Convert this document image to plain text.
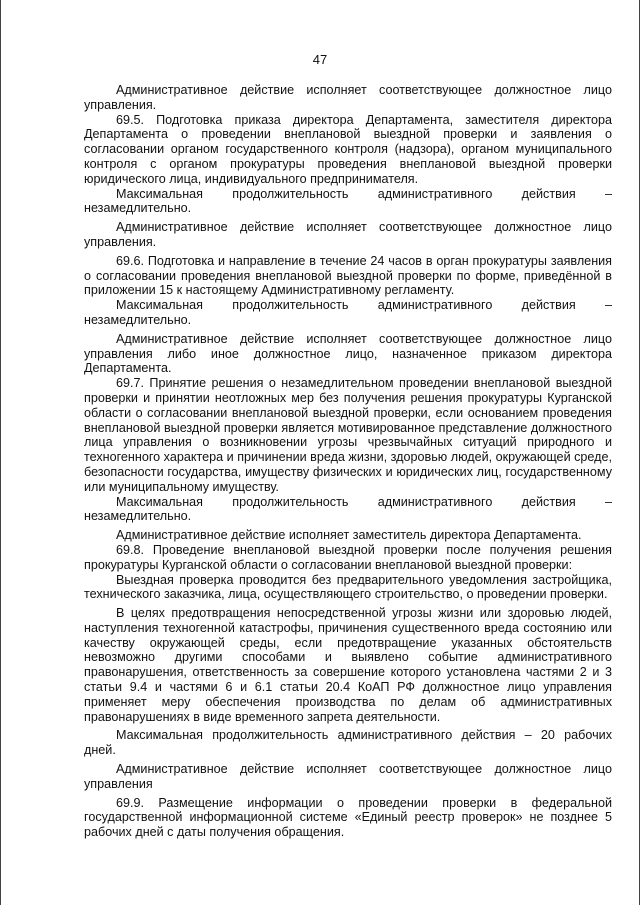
47

Административное действие исполняет соответствующее должностное лицо управления.

69.5. Подготовка приказа директора Департамента, заместителя директора Департамента о проведении внеплановой выездной проверки и заявления о согласовании органом государственного контроля (надзора), органом муниципального контроля с органом прокуратуры проведения внеплановой выездной проверки юридического лица, индивидуального предпринимателя.

Максимальная продолжительность административного действия –

незамедлительно.

Административное действие исполняет соответствующее должностное лицо управления.

69.6. Подготовка и направление в течение 24 часов в орган прокуратуры заявления о согласовании проведения внеплановой выездной проверки по форме, приведённой в приложении 15 к настоящему Административному регламенту.

Максимальная продолжительность административного действия –

незамедлительно.

Административное действие исполняет соответствующее должностное лицо управления либо иное должностное лицо, назначенное приказом директора Департамента.

69.7. Принятие решения о незамедлительном проведении внеплановой выездной проверки и принятии неотложных мер без получения решения прокуратуры Курганской области о согласовании внеплановой выездной проверки, если основанием проведения внеплановой выездной проверки является мотивированное представление должностного лица управления о возникновении угрозы чрезвычайных ситуаций природного и техногенного характера и причинении вреда жизни, здоровью людей, окружающей среде, безопасности государства, имуществу физических и юридических лиц, государственному или муниципальному имуществу.

Максимальная продолжительность административного действия –

незамедлительно.

Административное действие исполняет заместитель директора Департамента.

69.8. Проведение внеплановой выездной проверки после получения решения прокуратуры Курганской области о согласовании внеплановой выездной проверки:

Выездная проверка проводится без предварительного уведомления застройщика, технического заказчика, лица, осуществляющего строительство, о проведении проверки.

В целях предотвращения непосредственной угрозы жизни или здоровью людей, наступления техногенной катастрофы, причинения существенного вреда состоянию или качеству окружающей среды, если предотвращение указанных обстоятельств невозможно другими способами и выявлено событие административного правонарушения, ответственность за совершение которого установлена частями 2 и 3 статьи 9.4 и частями 6 и 6.1 статьи 20.4 КоАП РФ должностное лицо управления применяет меру обеспечения производства по делам об административных правонарушениях в виде временного запрета деятельности.

Максимальная продолжительность административного действия – 20 рабочих дней.

Административное действие исполняет соответствующее должностное лицо управления

69.9. Размещение информации о проведении проверки в федеральной государственной информационной системе «Единый реестр проверок» не позднее 5 рабочих дней с даты получения обращения.
